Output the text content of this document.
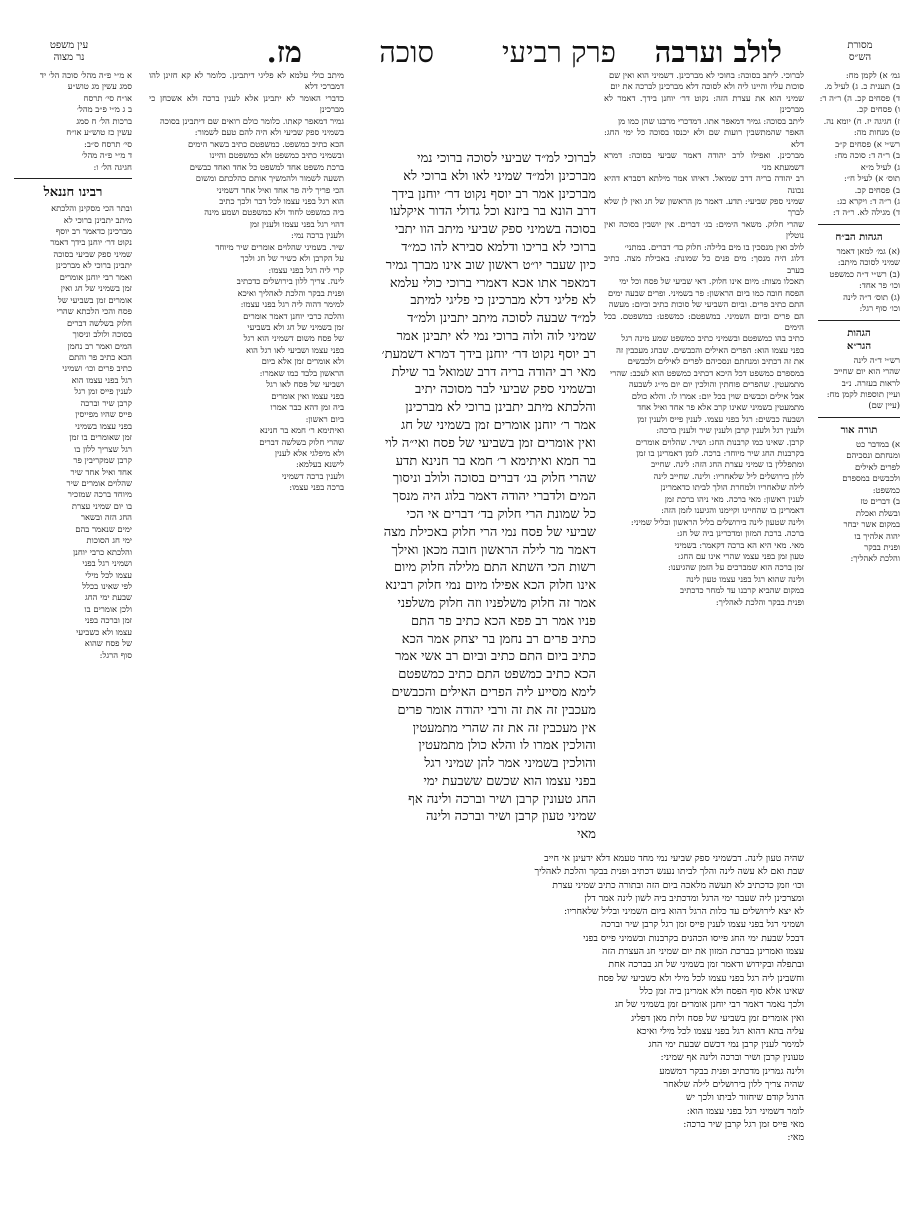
לולב וערבה
פרק רביעי
סוכה
מז.	מסורת
הש״ס
עין משפט
נר מצוה

גמ׳ א) לקמן מח:

ב) תענית כ. ג) לעיל מ.

ד) פסחים קכ. ה) ר״ה ד:

ו) פסחים קכ.

ז) חגיגה יז. ח) יומא נה.

ט) מנחות מה:

רש״י א) פסחים ק״ב

ב) ר״ה ד: סוכה מח:

ג) לעיל מ״א

תוס׳ א) לעיל ח״:

ב) פסחים קכ.

ג) ר״ה ד: ויקרא כג:

ד) מגילה לא. ר״ה ד:

הגהות הב״ח

(א) גמ׳ למאן דאמר

שמיני לסוכה מיתב:

(ב) רש״י ד״ה כמשפט

וכו׳ פר אחד:

(ג) תוס׳ ד״ה לינה

וכו׳ סוף רגל:

הגהות
הגר״א

רש״י ד״ה לינה

שהרי הוא יום שחייב

לראות בעזרה. נ״ב

ועיין תוספות לקמן מח:

(עיין שם)

תורה אור

א) במדבר כט

ומנחתם ונסכיהם

לפרים לאילים

ולכבשים במספרם

כמשפט:

ב) דברים טז

ובשלת ואכלת

במקום אשר יבחר

יהוה אלהיך בו

ופנית בבקר

והלכת לאהליך:

לברוכי. ליתב בסוכה: בחוכי לא מברכינן. דשמיני הוא ואין שם

סוכות עליו והיינו ליה ולא לסוכה דלא מברכינן לברכה את יום

שמיני הוא את עצרת הזה: נקוט דר׳ יוחנן בידך. דאמר לא מברכינן

ליתב בסוכה: גמיר דמאפר אתו. דמדכרי מרבנו שהן כמו מן

האפר שהמתשבין רועות שם ולא יכנסו בסוכה כל ימי החג: דלא

מברכינן. ואפילו לרב יהודה דאמר שביעי בסוכה: דמרא דשמעתא מני

רב יהודה בריה דרב שמואל. דאיהו אמר מילתא דסברא דהיא נכונה

שמיני ספק שביעי: תדע. דאמר מן הראשון של חג ואין לן שלא לברך

שהרי חלוק. משאר הימים: בג׳ דברים. אין יושבין בסוכה ואין נוטלין

לולב ואין מנסכין בו מים בלילה: חלוק בד׳ דברים. במתני׳

דלוג היה מנסך: מים פנים כל שמונת: באכילת מצה. כתיב בערב

תאכלו מצות: מיום אינו חלוק. דאי שביעי של פסח וכל ימי

הפסח חובה כמו ביום הראשון: פר בשמיני. ופרים שבעה ימים

התם כתיב פרים. וביום השביעי של סוכות כתיב וביום: מעשה

הם פרים וביום השמיני. במשפטם: כמשפט: כמשפטם. בכל הימים

כתיב בהו כמשפטם ובשמיני כתיב כמשפט שמע מינה רגל

בפני עצמו הוא: הפרים האילים והכבשים. שבחג מעכבין זה

את זה דכתיב ומנחתם ונסכיהם לפרים לאילים ולכבשים

במספרם כמשפט דכל היכא דכתיב כמשפט הוא לעכב: שהרי

מתמעטין. שהפרים פוחתין והולכין יום יום מי״ג לשבעה

אבל אילים וכבשים שוין בכל יום: אמרו לו. והלא כולם

מתמעטין בשמיני שאינו קרב אלא פר אחד ואיל אחד

ושבעה כבשים: רגל בפני עצמו. לענין פייס ולענין זמן

ולענין רגל ולענין קרבן ולענין שיר ולענין ברכה:

קרבן. שאינו כמו קרבנות החג: ושיר. שהלוים אומרים

בקרבנות החג שיר מיוחד: ברכה. לזמן דאמרינן בו זמן

ומתפללין בו שמיני עצרת החג הזה: לינה. שחייב

ללון בירושלים ליל שלאחריו: ולינה. שחייב לינה

לילה שלאחריו ולמחרת הולך לביתו כדאמרינן

לענין ראשון: מאי ברכה. מאי ניהו ברכת זמן

דאמרינן בו שהחיינו וקיימנו והגיענו לזמן הזה:

ולינה שטעון לינה בירושלים בליל הראשון ובליל שמיני:

ברכה. ברכת המזון ומדכרינן ביה של חג:

מאי. מאי היא הא ברכה דקאמר: בשמיני

טעון זמן בפני עצמו שהרי אינו עם החג:

זמן ברכה הוא שמברכים על הזמן שהגיענו:

ולינה שהוא רגל בפני עצמו טעון לינה

במקום שהביא קרבנו עד למחר כדכתיב

ופנית בבקר והלכת לאהליך:

לברוכי למ״ד שביעי לסוכה ברוכי נמי

מברכינן ולמ״ד שמיני לאו ולא ברוכי לא

מברכינן אמר רב יוסף נקוט דר׳ יוחנן בידך

דרב הונא בר ביזנא וכל גדולי הדור איקלעו

בסוכה בשמיני ספק שביעי מיתב הוו יתבי

ברוכי לא בריכו ודלמא סבירא להו כמ״ד

כיון שעבר יו״ט ראשון שוב אינו מברך גמיר

דמאפר אתו אכא דאמרי ברוכי כולי עלמא

לא פליגי דלא מברכינן כי פליגי למיתב

למ״ד שבעה לסוכה מיתב יתבינן ולמ״ד

שמיני לוה ולוה ברוכי נמי לא יתבינן אמר

רב יוסף נקוט דר׳ יוחנן בידך דמרא דשמעת׳

מאי רב יהודה בריה דרב שמואל בר שילת

ובשמיני ספק שביעי לבר מסוכה יתיב

והלכתא מיתב יתבינן ברוכי לא מברכינן

אמר ר׳ יוחנן אומרים זמן בשמיני של חג

ואין אומרים זמן בשביעי של פסח ואי״ה לוי

בר חמא ואיתימא ר׳ חמא בר חנינא תדע

שהרי חלוק בג׳ דברים בסוכה ולולב וניסוך

המים ולדברי יהודה דאמר בלוג היה מנסך

כל שמונת הרי חלוק בד׳ דברים אי הכי

שביעי של פסח נמי הרי חלוק באכילת מצה

דאמר מר לילה הראשון חובה מכאן ואילך

רשות הכי השתא התם מלילה חלוק מיום

אינו חלוק הכא אפילו מיום נמי חלוק רבינא

אמר זה חלוק משלפניו וזה חלוק משלפני

פניו אמר רב פפא הכא כתיב פר התם

כתיב פרים רב נחמן בר יצחק אמר הכא

כתיב ביום התם כתיב וביום רב אשי אמר

הכא כתיב כמשפט התם כתיב כמשפטם

לימא מסייע ליה הפרים האילים והכבשים

מעכבין זה את זה ורבי יהודה אומר פרים

אין מעכבין זה את זה שהרי מתמעטין

והולכין אמרו לו והלא כולן מתמעטין

והולכין בשמיני אמר להן שמיני רגל

בפני עצמו הוא שכשם ששבעת ימי

החג טעונין קרבן ושיר וברכה ולינה אף

שמיני טעון קרבן ושיר וברכה ולינה

מאי

מיתב כולי עלמא לא פליגי דיתבינן. כלומר לא קא חזינן להו דמברכי דלא

כדברי האומר לא יתבינן אלא לענין ברכה ולא אשכחן כי מברכינן

גמיר דמאפר קאתו. כלומר כולם רואים שם דיתבינן בסוכה

בשמיני ספק שביעי ולא היה להם טעם לשמור:

הכא כתיב כמשפט. כמשפטם כתיב בשאר הימים

ובשמיני כתיב כמשפט ולא כמשפטם והיינו

ברכת משפט אחד למשפט כל אחד ואחד כבשים

תשעה לשמור ולהמשיך אותם כהלכתם ומשום

הכי פריך ליה פר אחד ואיל אחד דשמיני

הוא רגל בפני עצמו לכל דבר ולכך כתיב

ביה כמשפט לחוד ולא כמשפטם ושמע מינה

דהוי רגל בפני עצמו ולענין זמן

ולענין ברכה נמי:

שיר. בשמיני שהלוים אומרים שיר מיוחד

על הקרבן ולא כשיר של חג ולכך

קרי ליה רגל בפני עצמו:

לינה. צריך ללון בירושלים כדכתיב

ופנית בבקר והלכת לאהליך ואיכא

למימר דהוה ליה רגל בפני עצמו:

והלכה כרבי יוחנן דאמר אומרים

זמן בשמיני של חג ולא בשביעי

של פסח משום דשמיני הוא רגל

בפני עצמו ושביעי לאו רגל הוא

ולא אומרים זמן אלא ביום

הראשון בלבד כמו שאמרו:

ושביעי של פסח לאו רגל

בפני עצמו ואין אומרים

ביה זמן דהא כבר אמרו

ביום ראשון:

ואיתימא ר׳ חמא בר חנינא

שהרי חלוק בשלשה דברים

ולא מיפלגי אלא לענין

לישנא בעלמא:

ולענין ברכה דשמיני

ברכה בפני עצמו:

א מ״י פ״ה מהל׳ סוכה הל׳ יד

סמג עשין מג טוש״ע

או״ח סי׳ תרסח

ב ג מ״י פ״ב מהל׳

ברכות הל׳ ח סמג

עשין כז טוש״ע או״ח

סי׳ תרסח ס״ב:

ד מ״י פ״ה מהל׳

חגיגה הל׳ ו:

רבינו חננאל

ובתר הכי מסקינן והלכתא

מיתב יתבינן ברוכי לא

מברכינן כדאמר רב יוסף

נקוט דר׳ יוחנן בידך דאמר

שמיני ספק שביעי בסוכה

יתבינן ברוכי לא מברכינן

ואמר רבי יוחנן אומרים

זמן בשמיני של חג ואין

אומרים זמן בשביעי של

פסח והכי הלכתא שהרי

חלוק בשלשה דברים

בסוכה ולולב וניסוך

המים ואמר רב נחמן

הכא כתיב פר והתם

כתיב פרים וכו׳ ושמיני

רגל בפני עצמו הוא

לענין פייס זמן רגל

קרבן שיר וברכה

פייס שהיו מפייסין

בפני עצמו בשמיני

זמן שאומרים בו זמן

רגל שצריך ללון בו

קרבן שמקריבין פר

אחד ואיל אחד שיר

שהלוים אומרים שיר

מיוחד ברכה שמזכיר

בו יום שמיני עצרת

החג הזה ובשאר

ימים שנאמר בהם

ימי חג הסוכות

והלכתא כרבי יוחנן

ושמיני רגל בפני

עצמו לכל מילי

לפי שאינו בכלל

שבעת ימי החג

ולכן אומרים בו

זמן וברכה בפני

עצמו ולא כשביעי

של פסח שהוא

סוף הרגל:

שהיה טעון לינה. דבשמיני ספק שביעי נמי מחד טעמא דלא ידעינן אי חייב

שבת ואם לא עשה לינה והלך לביתו נענש דכתיב ופנית בבקר והלכת לאהליך

וכו׳ וזמן כדכתיב לא תעשה מלאכה ביום הזה ובתורה כתיב שמיני עצרת

ומצרכינן ליה שעבר ימי הרגל ומדכתיב ביה לשון לינה אמר דלן

לא יצא לירושלים עד כלות הרגל דהוא ביום השמיני ובליל שלאחריו:

ושמיני רגל בפני עצמו לענין פייס זמן רגל קרבן שיר וברכה

דבכל שבעת ימי החג פייסו הכהנים בקרבנות ובשמיני פייס בפני

עצמו ואמרינן בברכת המזון את יום שמיני חג העצרת הזה

ובתפלה ובקידוש ודאמר זמן בשמיני של חג בברכה אחת

וחשבינן ליה רגל בפני עצמו לכל מילי ולא כשביעי של פסח

שאינו אלא סוף הפסח ולא אמרינן ביה זמן כלל

ולכך נאמר דאמר רבי יוחנן אומרים זמן בשמיני של חג

ואין אומרים זמן בשביעי של פסח ולית מאן דפליג

עליה בהא דהוא רגל בפני עצמו לכל מילי ואיכא

למימר לענין קרבן נמי דכשם שבעת ימי החג

טעונין קרבן ושיר וברכה ולינה אף שמיני:

ולינה גמרינן מדכתיב ופנית בבקר דמשמע

שהיה צריך ללון בירושלים לילה שלאחר

הרגל קודם שיחזור לביתו ולכך יש

לומר דשמיני רגל בפני עצמו הוא:

מאי פייס זמן רגל קרבן שיר ברכה:

מאי:
